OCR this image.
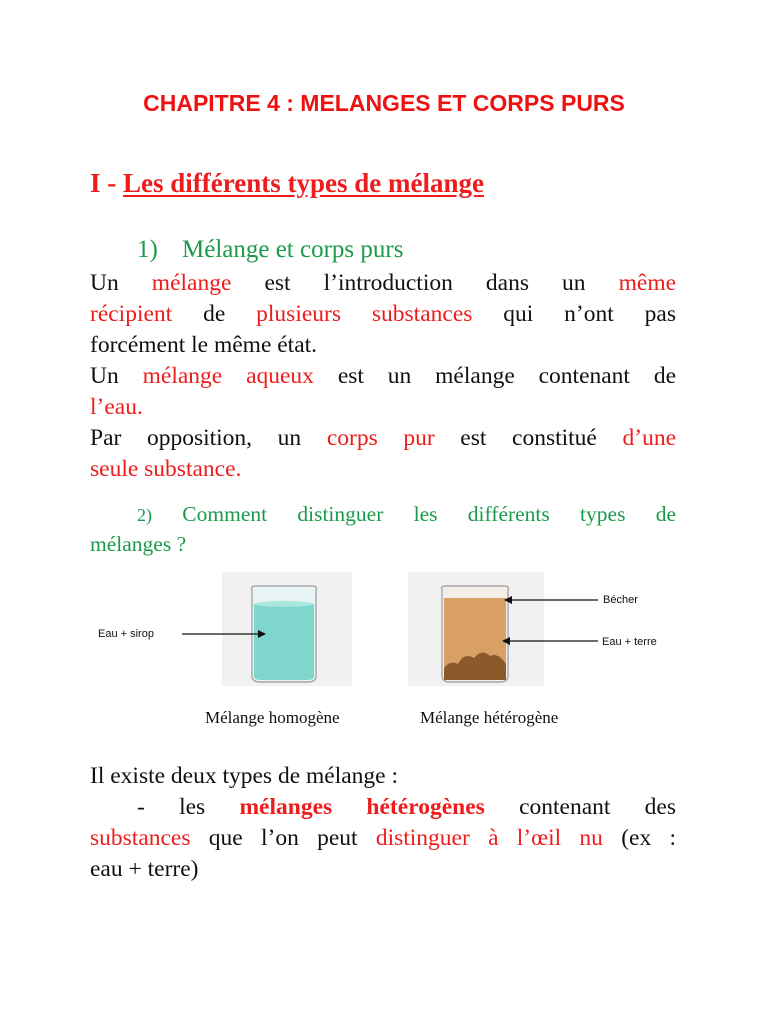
CHAPITRE 4 : MELANGES ET CORPS PURS
I - Les différents types de mélange
1) Mélange et corps purs
Un mélange est l’introduction dans un même
récipient de plusieurs substances qui n’ont pas
forcément le même état.
Un mélange aqueux est un mélange contenant de
l’eau.
Par opposition, un corps pur est constitué d’une
seule substance.
2) Comment distinguer les différents types de
mélanges ?
Eau + sirop
Bécher
Eau + terre
Mélange homogène	Mélange hétérogène
Il existe deux types de mélange :
- les mélanges hétérogènes contenant des
substances que l’on peut distinguer à l’œil nu (ex :
eau + terre)
